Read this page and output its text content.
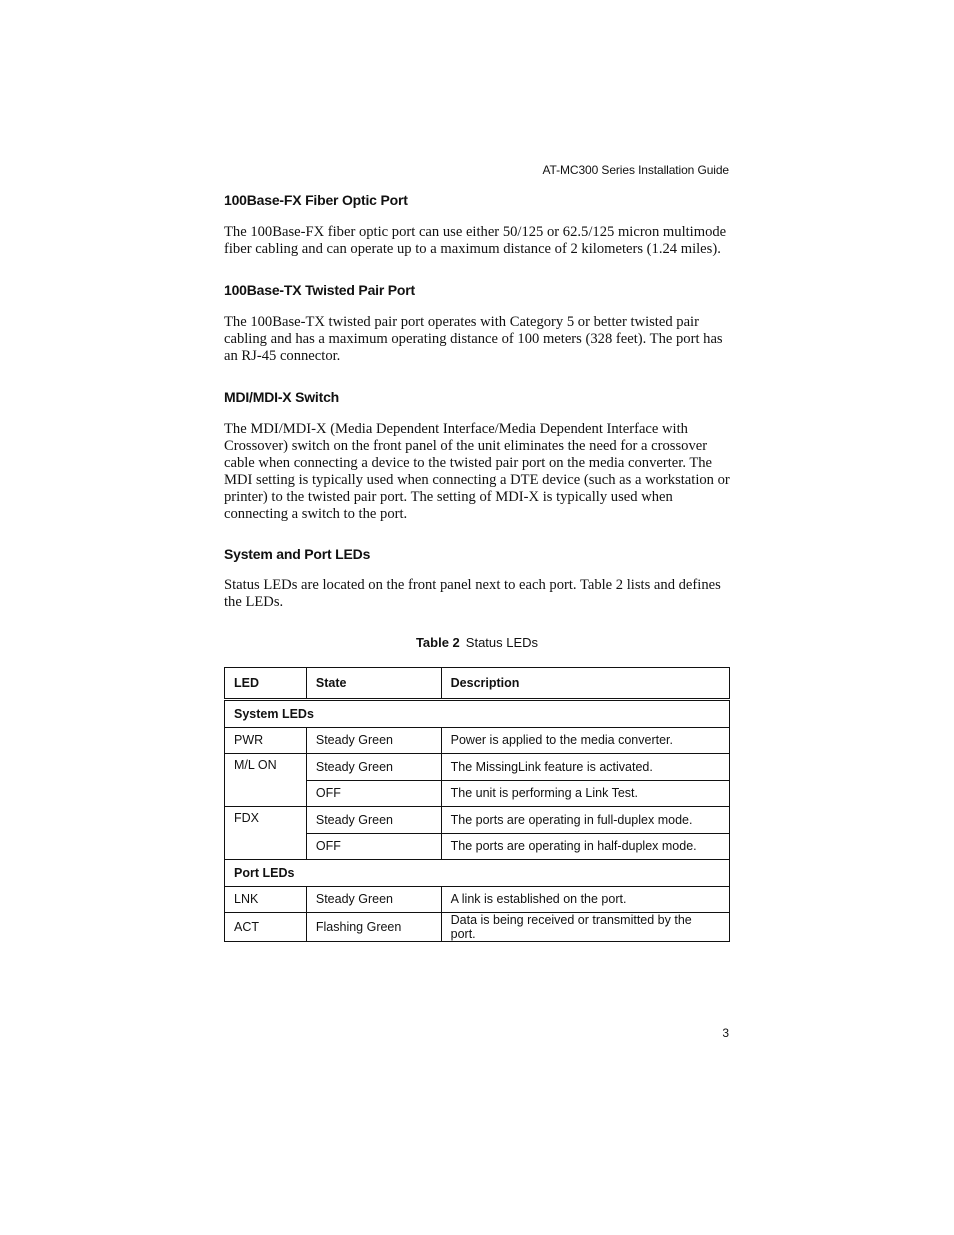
AT-MC300 Series Installation Guide
100Base-FX Fiber Optic Port

The 100Base-FX fiber optic port can use either 50/125 or 62.5/125 micron multimode fiber cabling and can operate up to a maximum distance of 2 kilometers (1.24 miles).

100Base-TX Twisted Pair Port

The 100Base-TX twisted pair port operates with Category 5 or better twisted pair cabling and has a maximum operating distance of 100 meters (328 feet). The port has an RJ-45 connector.

MDI/MDI-X Switch

The MDI/MDI-X (Media Dependent Interface/Media Dependent Interface with Crossover) switch on the front panel of the unit eliminates the need for a crossover cable when connecting a device to the twisted pair port on the media converter. The MDI setting is typically used when connecting a DTE device (such as a workstation or printer) to the twisted pair port. The setting of MDI-X is typically used when connecting a switch to the port.

System and Port LEDs

Status LEDs are located on the front panel next to each port. Table 2 lists and defines the LEDs.

Table 2 Status LEDs
LED	State	Description
System LEDs		
PWR	Steady Green	Power is applied to the media converter.
M/L ON	Steady Green	The MissingLink feature is activated.
	OFF	The unit is performing a Link Test.
FDX	Steady Green	The ports are operating in full-duplex mode.
	OFF	The ports are operating in half-duplex mode.
Port LEDs		
LNK	Steady Green	A link is established on the port.
ACT	Flashing Green	Data is being received or transmitted by the port.
3
